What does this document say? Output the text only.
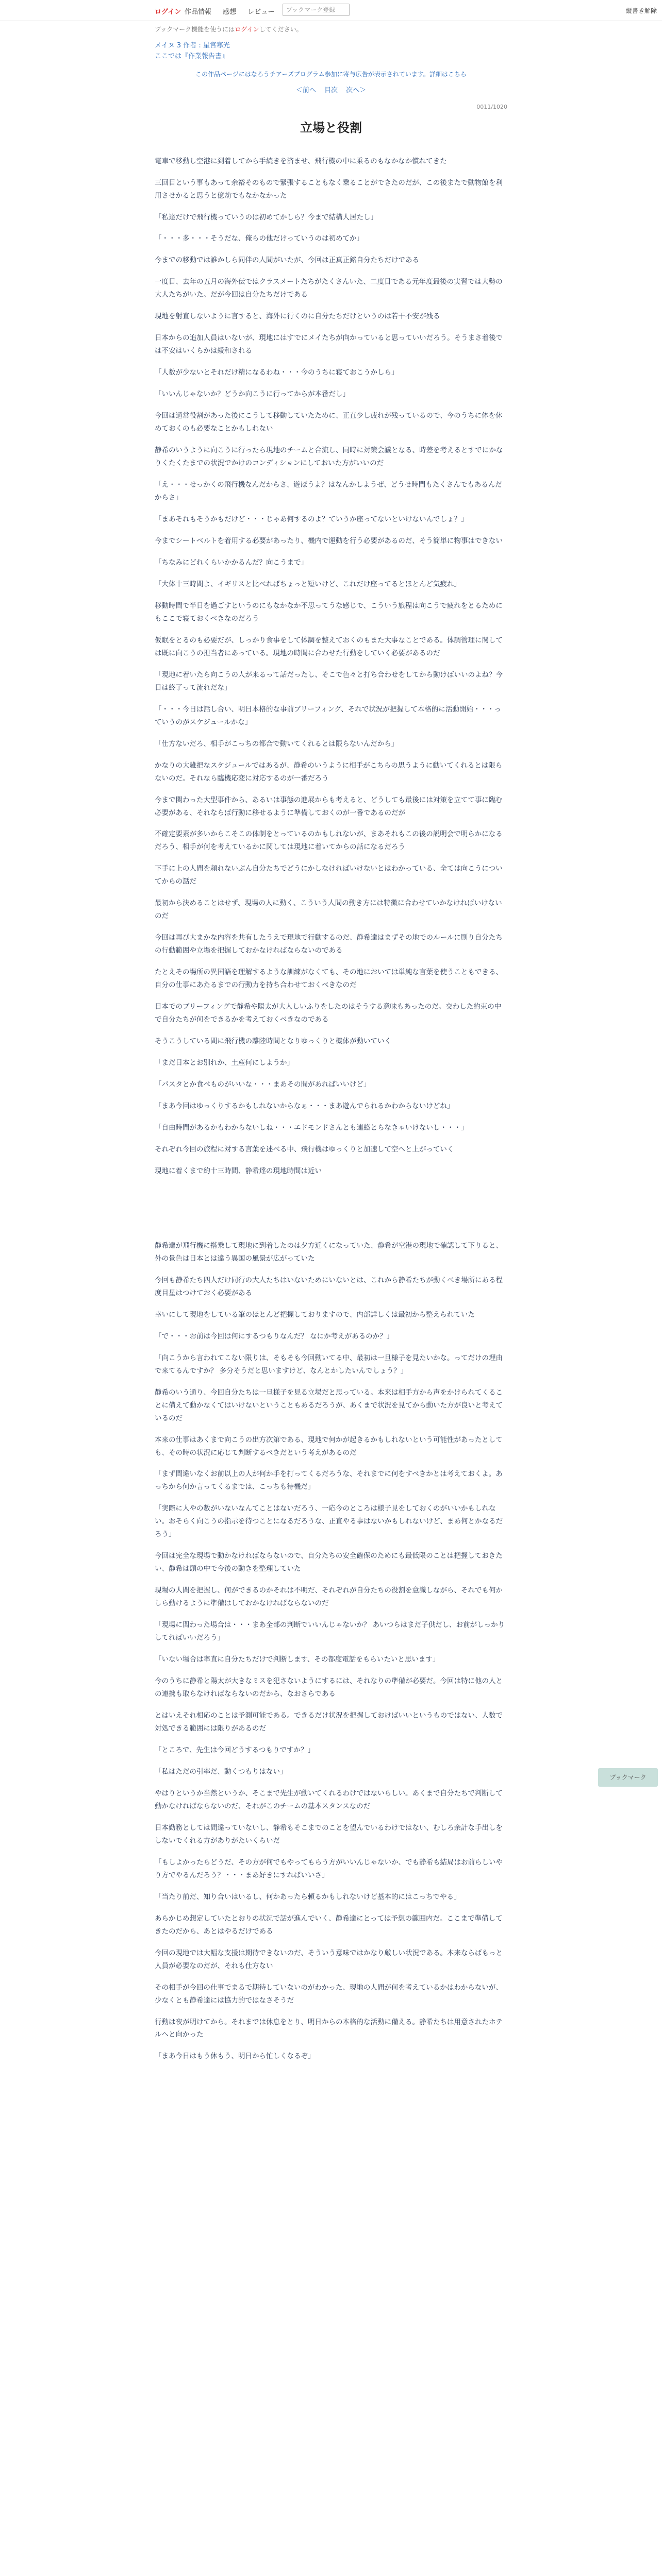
ログイン 作品情報 感想 レビュー	ブックマーク登録	縦書き解除
ブックマーク機能を使うにはログインしてください。
メイヌ 3 作者 : 星宮寒光
ここでは『作業報告書』
この作品ページにはなろうチアーズプログラム参加に寄与広告が表示されています。詳細はこちら
＜前へ 目次 次へ＞
0011/1020
立場と役割

電車で移動し空港に到着してから手続きを済ませ、飛行機の中に乗るのもなかなか慣れてきた

三回目という事もあって余裕そのもので緊張することもなく乗ることができたのだが、この後またで動物館を利用させかると思うと億劫でもなかなかった

「私達だけで飛行機っていうのは初めてかしら？今まで結構人居たし」

「・・・多・・・そうだな、俺らの他だけっていうのは初めてか」

今までの移動では誰かしら同伴の人間がいたが、今回は正真正銘自分たちだけである

一度目、去年の五月の海外伝ではクラスメートたちがたくさんいた、二度目である元年度最後の実習では大勢の大人たちがいた。だが今回は自分たちだけである

現地を射直しないように言すると、海外に行くのに自分たちだけというのは若干不安が残る

日本からの追加人員はいないが、現地にはすでにメイたちが向かっていると思っていいだろう。そうまさ着後では不安はいくらかは緩和される

「人数が少ないとそれだけ精になるわね・・・今のうちに寝ておこうかしら」

「いいんじゃないか？どうか向こうに行ってからが本番だし」

今回は通常役割があった後にこうして移動していたために、正直少し疲れが残っているので、今のうちに体を休めておくのも必要なことかもしれない

静希のいうように向こうに行ったら現地のチームと合流し、同時に対策会議となる、時差を考えるとすでにかなりくたくたまでの状況でかけのコンディションにしておいた方がいいのだ

「え・・・せっかくの飛行機なんだからさ、遊ぼうよ？はなんかしようぜ、どうせ時間もたくさんでもあるんだからさ」

「まあそれもそうかもだけど・・・じゃあ何するのよ？ていうか座ってないといけないんでしょ？」

今までシートベルトを着用する必要があったり、機内で運動を行う必要があるのだ、そう簡単に物事はできない

「ちなみにどれくらいかかるんだ？向こうまで」

「大体十三時間よ、イギリスと比べればちょっと短いけど、これだけ座ってるとほとんど気疲れ」

移動時間で半日を過ごすというのにもなかなか不思ってうな感じで、こういう旅程は向こうで疲れをとるためにもここで寝ておくべきなのだろう

仮眠をとるのも必要だが、しっかり食事をして体調を整えておくのもまた大事なことである。体調管理に関しては既に向こうの担当者にあっている。現地の時間に合わせた行動をしていく必要があるのだ

「現地に着いたら向こうの人が来るって話だったし、そこで色々と打ち合わせをしてから動けばいいのよね？今日は終了って流れだな」

「・・・今日は話し合い、明日本格的な事前ブリーフィング、それで状況が把握して本格的に活動開始・・・っていうのがスケジュールかな」

「仕方ないだろ、相手がこっちの都合で動いてくれるとは限らないんだから」

かなりの大雑把なスケジュールではあるが、静希のいうように相手がこちらの思うように動いてくれるとは限らないのだ。それなら臨機応変に対応するのが一番だろう

今まで関わった大型事件から、あるいは事態の進展からも考えると、どうしても最後には対策を立てて事に臨む必要がある、それならば行動に移せるように準備しておくのが一番であるのだが

不確定要素が多いからこそこの体制をとっているのかもしれないが、まあそれもこの後の説明会で明らかになるだろう、相手が何を考えているかに関しては現地に着いてからの話になるだろう

下手に上の人間を頼れないぶん自分たちでどうにかしなければいけないとはわかっている、全ては向こうについてからの話だ

最初から決めることはせず、現場の人に動く、こういう人間の動き方には特徴に合わせていかなければいけないのだ

今回は再び大まかな内容を共有したうえで現地で行動するのだ、静希達はまずその地でのルールに則り自分たちの行動範囲や立場を把握しておかなければならないのである

たとえその場所の異国語を理解するような訓練がなくても、その地においては単純な言葉を使うこともできる、自分の仕事にあたるまでの行動力を持ち合わせておくべきなのだ

日本でのブリーフィングで静希や陽太が大人しいふりをしたのはそうする意味もあったのだ。交わした約束の中で自分たちが何をできるかを考えておくべきなのである

そうこうしている間に飛行機の離陸時間となりゆっくりと機体が動いていく

「まだ日本とお別れか、土産何にしようか」

「パスタとか食べものがいいな・・・まあその間があればいいけど」

「まあ今回はゆっくりするかもしれないからなぁ・・・まあ遊んでられるかわからないけどね」

「自由時間があるかもわからないしね・・・エドモンドさんとも連絡とらなきゃいけないし・・・」

それぞれ今回の旅程に対する言葉を述べる中、飛行機はゆっくりと加速して空へと上がっていく

現地に着くまで約十三時間、静希達の現地時間は近い

静希達が飛行機に搭乗して現地に到着したのは夕方近くになっていた、静希が空港の現地で確認して下りると、外の景色は日本とは違う異国の風景が広がっていた

今回も静希たち四人だけ同行の大人たちはいないためにいないとは、これから静希たちが動くべき場所にある程度目星はつけておく必要がある

幸いにして現地をしている筆のほとんど把握しておりますので、内部詳しくは最初から整えられていた

「で・・・お前は今回は何にするつもりなんだ？ なにか考えがあるのか？」

「向こうから言われてこない限りは、そもそも今回動いてる中、最初は一旦様子を見たいかな。ってだけの理由で来てるんですか？ 多分そうだと思いますけど、なんとかしたいんでしょう？」

静希のいう通り、今回自分たちは一旦様子を見る立場だと思っている。本来は相手方から声をかけられてくることに備えて動かなくてはいけないということもあるだろうが、あくまで状況を見てから動いた方が良いと考えているのだ

本来の仕事はあくまで向こうの出方次第である、現地で何かが起きるかもしれないという可能性があったとしても、その時の状況に応じて判断するべきだという考えがあるのだ

「まず間違いなくお前以上の人が何か手を打ってくるだろうな、それまでに何をすべきかとは考えておくよ。あっちから何か言ってくるまでは、こっちも待機だ」

「実際に人やの数がいないなんてことはないだろう、一応今のところは様子見をしておくのがいいかもしれない。おそらく向こうの指示を待つことになるだろうな、正直やる事はないかもしれないけど、まあ何とかなるだろう」

今回は完全な現場で動かなければならないので、自分たちの安全確保のためにも最低限のことは把握しておきたい、静希は頭の中で今後の動きを整理していた

現場の人間を把握し、何ができるのかそれは不明だ、それぞれが自分たちの役割を意識しながら、それでも何かしら動けるように準備はしておかなければならないのだ

「現場に関わった場合は・・・まあ全部の判断でいいんじゃないか？ あいつらはまだ子供だし、お前がしっかりしてればいいだろう」

「いない場合は率直に自分たちだけで判断します、その都度電話をもらいたいと思います」

今のうちに静希と陽太が大きなミスを犯さないようにするには、それなりの準備が必要だ。今回は特に他の人との連携も取らなければならないのだから、なおさらである

とはいえそれ相応のことは予測可能である。できるだけ状況を把握しておけばいいというものではない、人数で対処できる範囲には限りがあるのだ

「ところで、先生は今回どうするつもりですか？」

「私はただの引率だ、動くつもりはない」

やはりというか当然というか、そこまで先生が動いてくれるわけではないらしい。あくまで自分たちで判断して動かなければならないのだ、それがこのチームの基本スタンスなのだ

日本勤務としては間違っていないし、静希もそこまでのことを望んでいるわけではない、むしろ余計な手出しをしないでくれる方がありがたいくらいだ

「もしよかったらどうだ、その方が何でもやってもらう方がいいんじゃないか、でも静希も結局はお前らしいやり方でやるんだろう？・・・まあ好きにすればいいさ」

「当たり前だ、知り合いはいるし、何かあったら頼るかもしれないけど基本的にはこっちでやる」

あらかじめ想定していたとおりの状況で話が進んでいく、静希達にとっては予想の範囲内だ。ここまで準備してきたのだから、あとはやるだけである

今回の現地では大幅な支援は期待できないのだ、そういう意味ではかなり厳しい状況である。本来ならばもっと人員が必要なのだが、それも仕方ない

その相手が今回の仕事でまるで期待していないのがわかった、現地の人間が何を考えているかはわからないが、少なくとも静希達には協力的ではなさそうだ

行動は夜が明けてから。それまでは休息をとり、明日からの本格的な活動に備える。静希たちは用意されたホテルへと向かった

「まあ今日はもう休もう、明日から忙しくなるぞ」

ブックマーク
